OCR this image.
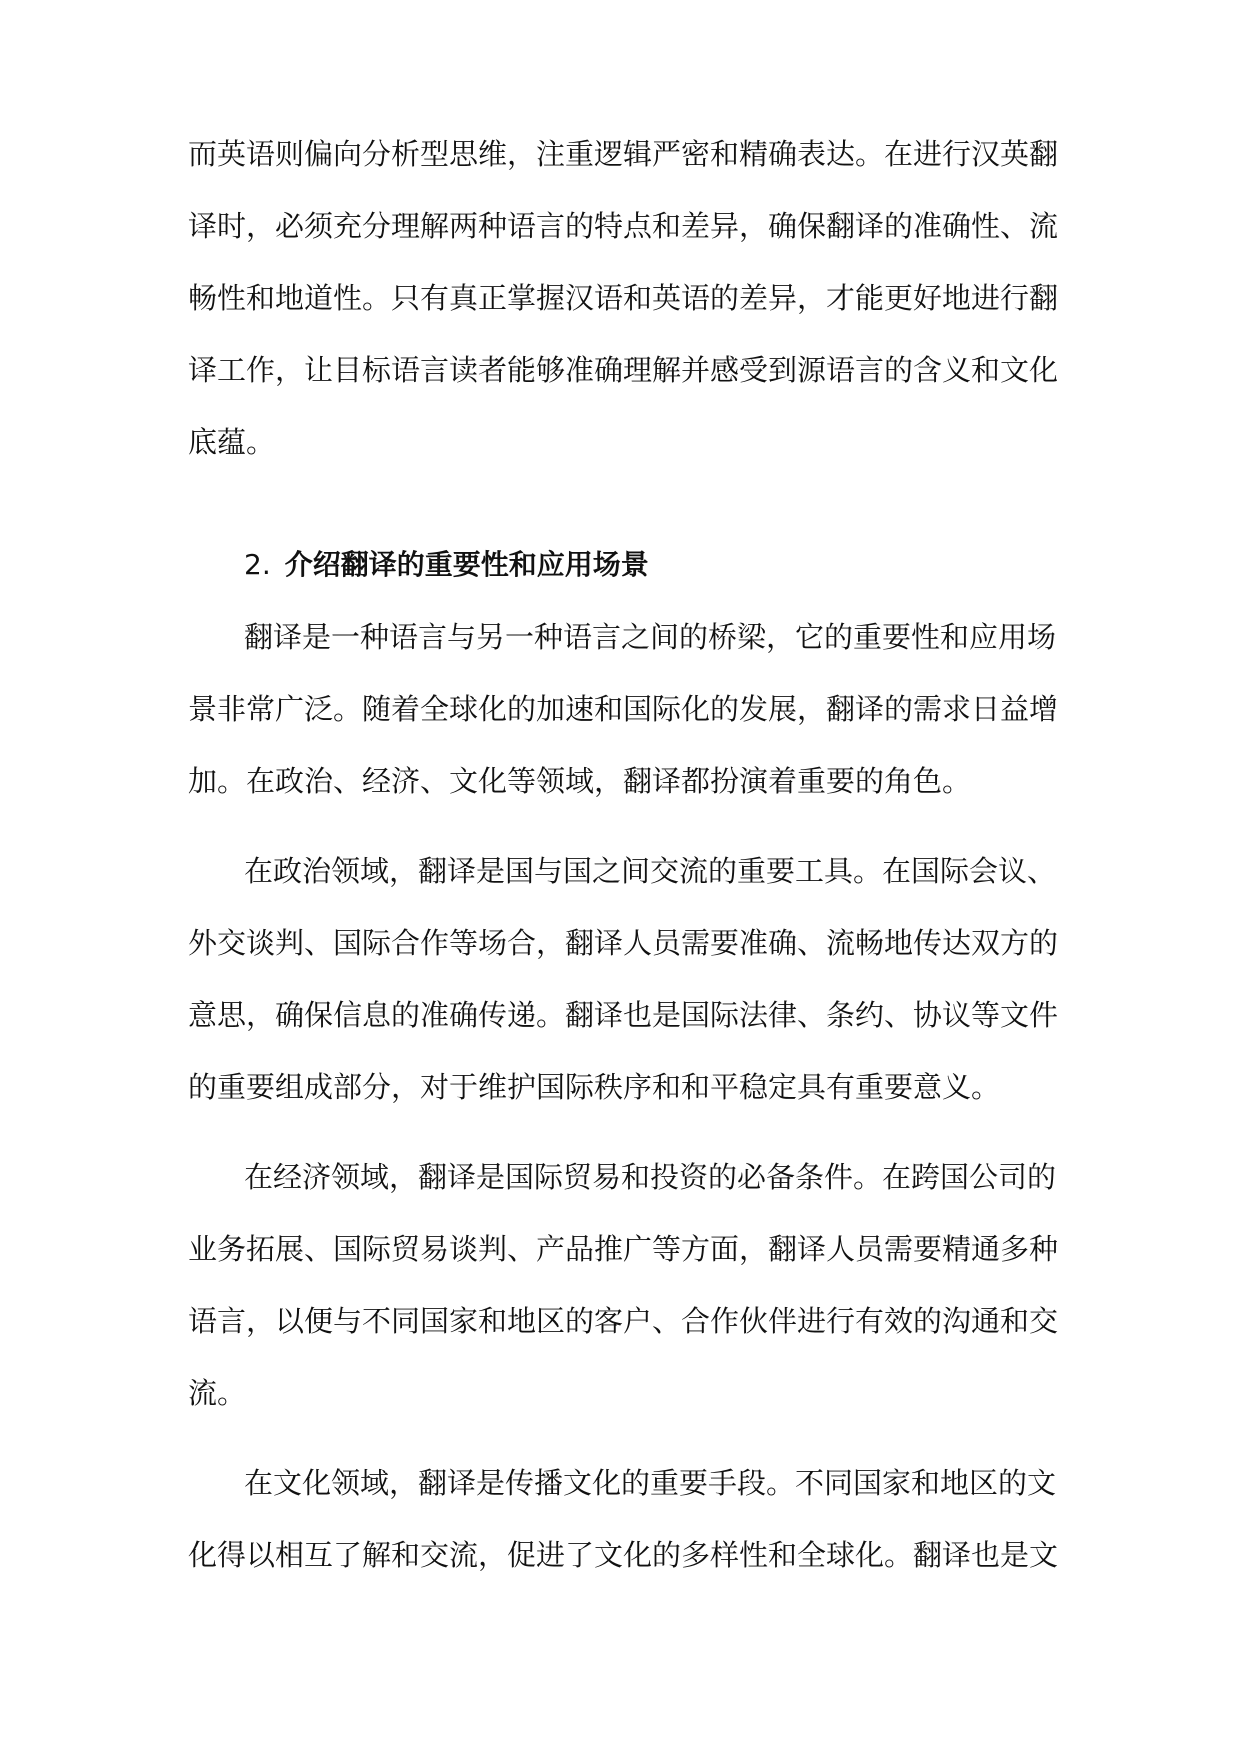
而英语则偏向分析型思维，注重逻辑严密和精确表达。在进行汉英翻
译时，必须充分理解两种语言的特点和差异，确保翻译的准确性、流
畅性和地道性。只有真正掌握汉语和英语的差异，才能更好地进行翻
译工作，让目标语言读者能够准确理解并感受到源语言的含义和文化
底蕴。
2. 介绍翻译的重要性和应用场景
翻译是一种语言与另一种语言之间的桥梁，它的重要性和应用场
景非常广泛。随着全球化的加速和国际化的发展，翻译的需求日益增
加。在政治、经济、文化等领域，翻译都扮演着重要的角色。
在政治领域，翻译是国与国之间交流的重要工具。在国际会议、
外交谈判、国际合作等场合，翻译人员需要准确、流畅地传达双方的
意思，确保信息的准确传递。翻译也是国际法律、条约、协议等文件
的重要组成部分，对于维护国际秩序和和平稳定具有重要意义。
在经济领域，翻译是国际贸易和投资的必备条件。在跨国公司的
业务拓展、国际贸易谈判、产品推广等方面，翻译人员需要精通多种
语言，以便与不同国家和地区的客户、合作伙伴进行有效的沟通和交
流。
在文化领域，翻译是传播文化的重要手段。不同国家和地区的文
化得以相互了解和交流，促进了文化的多样性和全球化。翻译也是文
